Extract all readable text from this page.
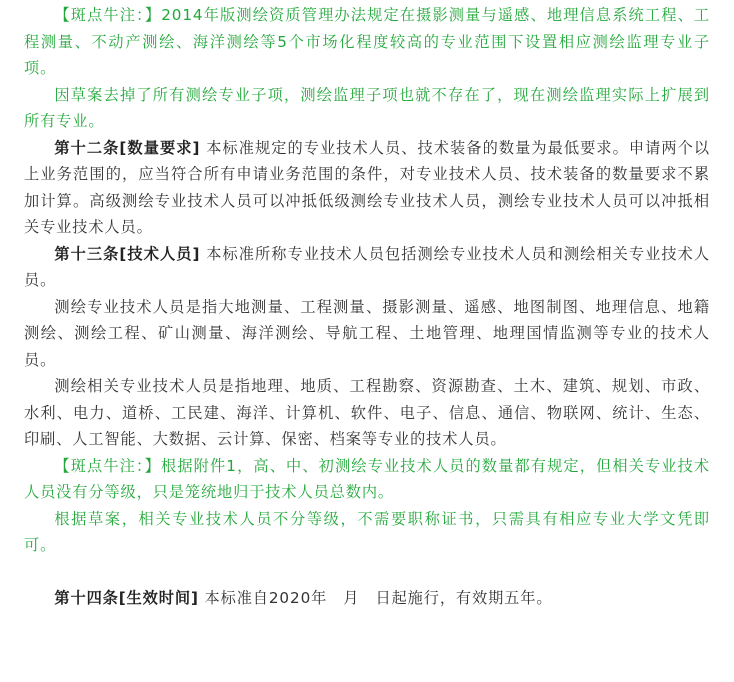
【斑点牛注：】2014年版测绘资质管理办法规定在摄影测量与遥感、地理信息系统工程、工程测量、不动产测绘、海洋测绘等5个市场化程度较高的专业范围下设置相应测绘监理专业子项。

因草案去掉了所有测绘专业子项，测绘监理子项也就不存在了，现在测绘监理实际上扩展到所有专业。

第十二条[数量要求] 本标准规定的专业技术人员、技术装备的数量为最低要求。申请两个以上业务范围的，应当符合所有申请业务范围的条件，对专业技术人员、技术装备的数量要求不累加计算。高级测绘专业技术人员可以冲抵低级测绘专业技术人员，测绘专业技术人员可以冲抵相关专业技术人员。

第十三条[技术人员] 本标准所称专业技术人员包括测绘专业技术人员和测绘相关专业技术人员。

测绘专业技术人员是指大地测量、工程测量、摄影测量、遥感、地图制图、地理信息、地籍测绘、测绘工程、矿山测量、海洋测绘、导航工程、土地管理、地理国情监测等专业的技术人员。

测绘相关专业技术人员是指地理、地质、工程勘察、资源勘查、土木、建筑、规划、市政、水利、电力、道桥、工民建、海洋、计算机、软件、电子、信息、通信、物联网、统计、生态、印刷、人工智能、大数据、云计算、保密、档案等专业的技术人员。

【斑点牛注：】根据附件1，高、中、初测绘专业技术人员的数量都有规定，但相关专业技术人员没有分等级，只是笼统地归于技术人员总数内。

根据草案，相关专业技术人员不分等级，不需要职称证书，只需具有相应专业大学文凭即可。

第十四条[生效时间] 本标准自2020年　月　日起施行，有效期五年。
